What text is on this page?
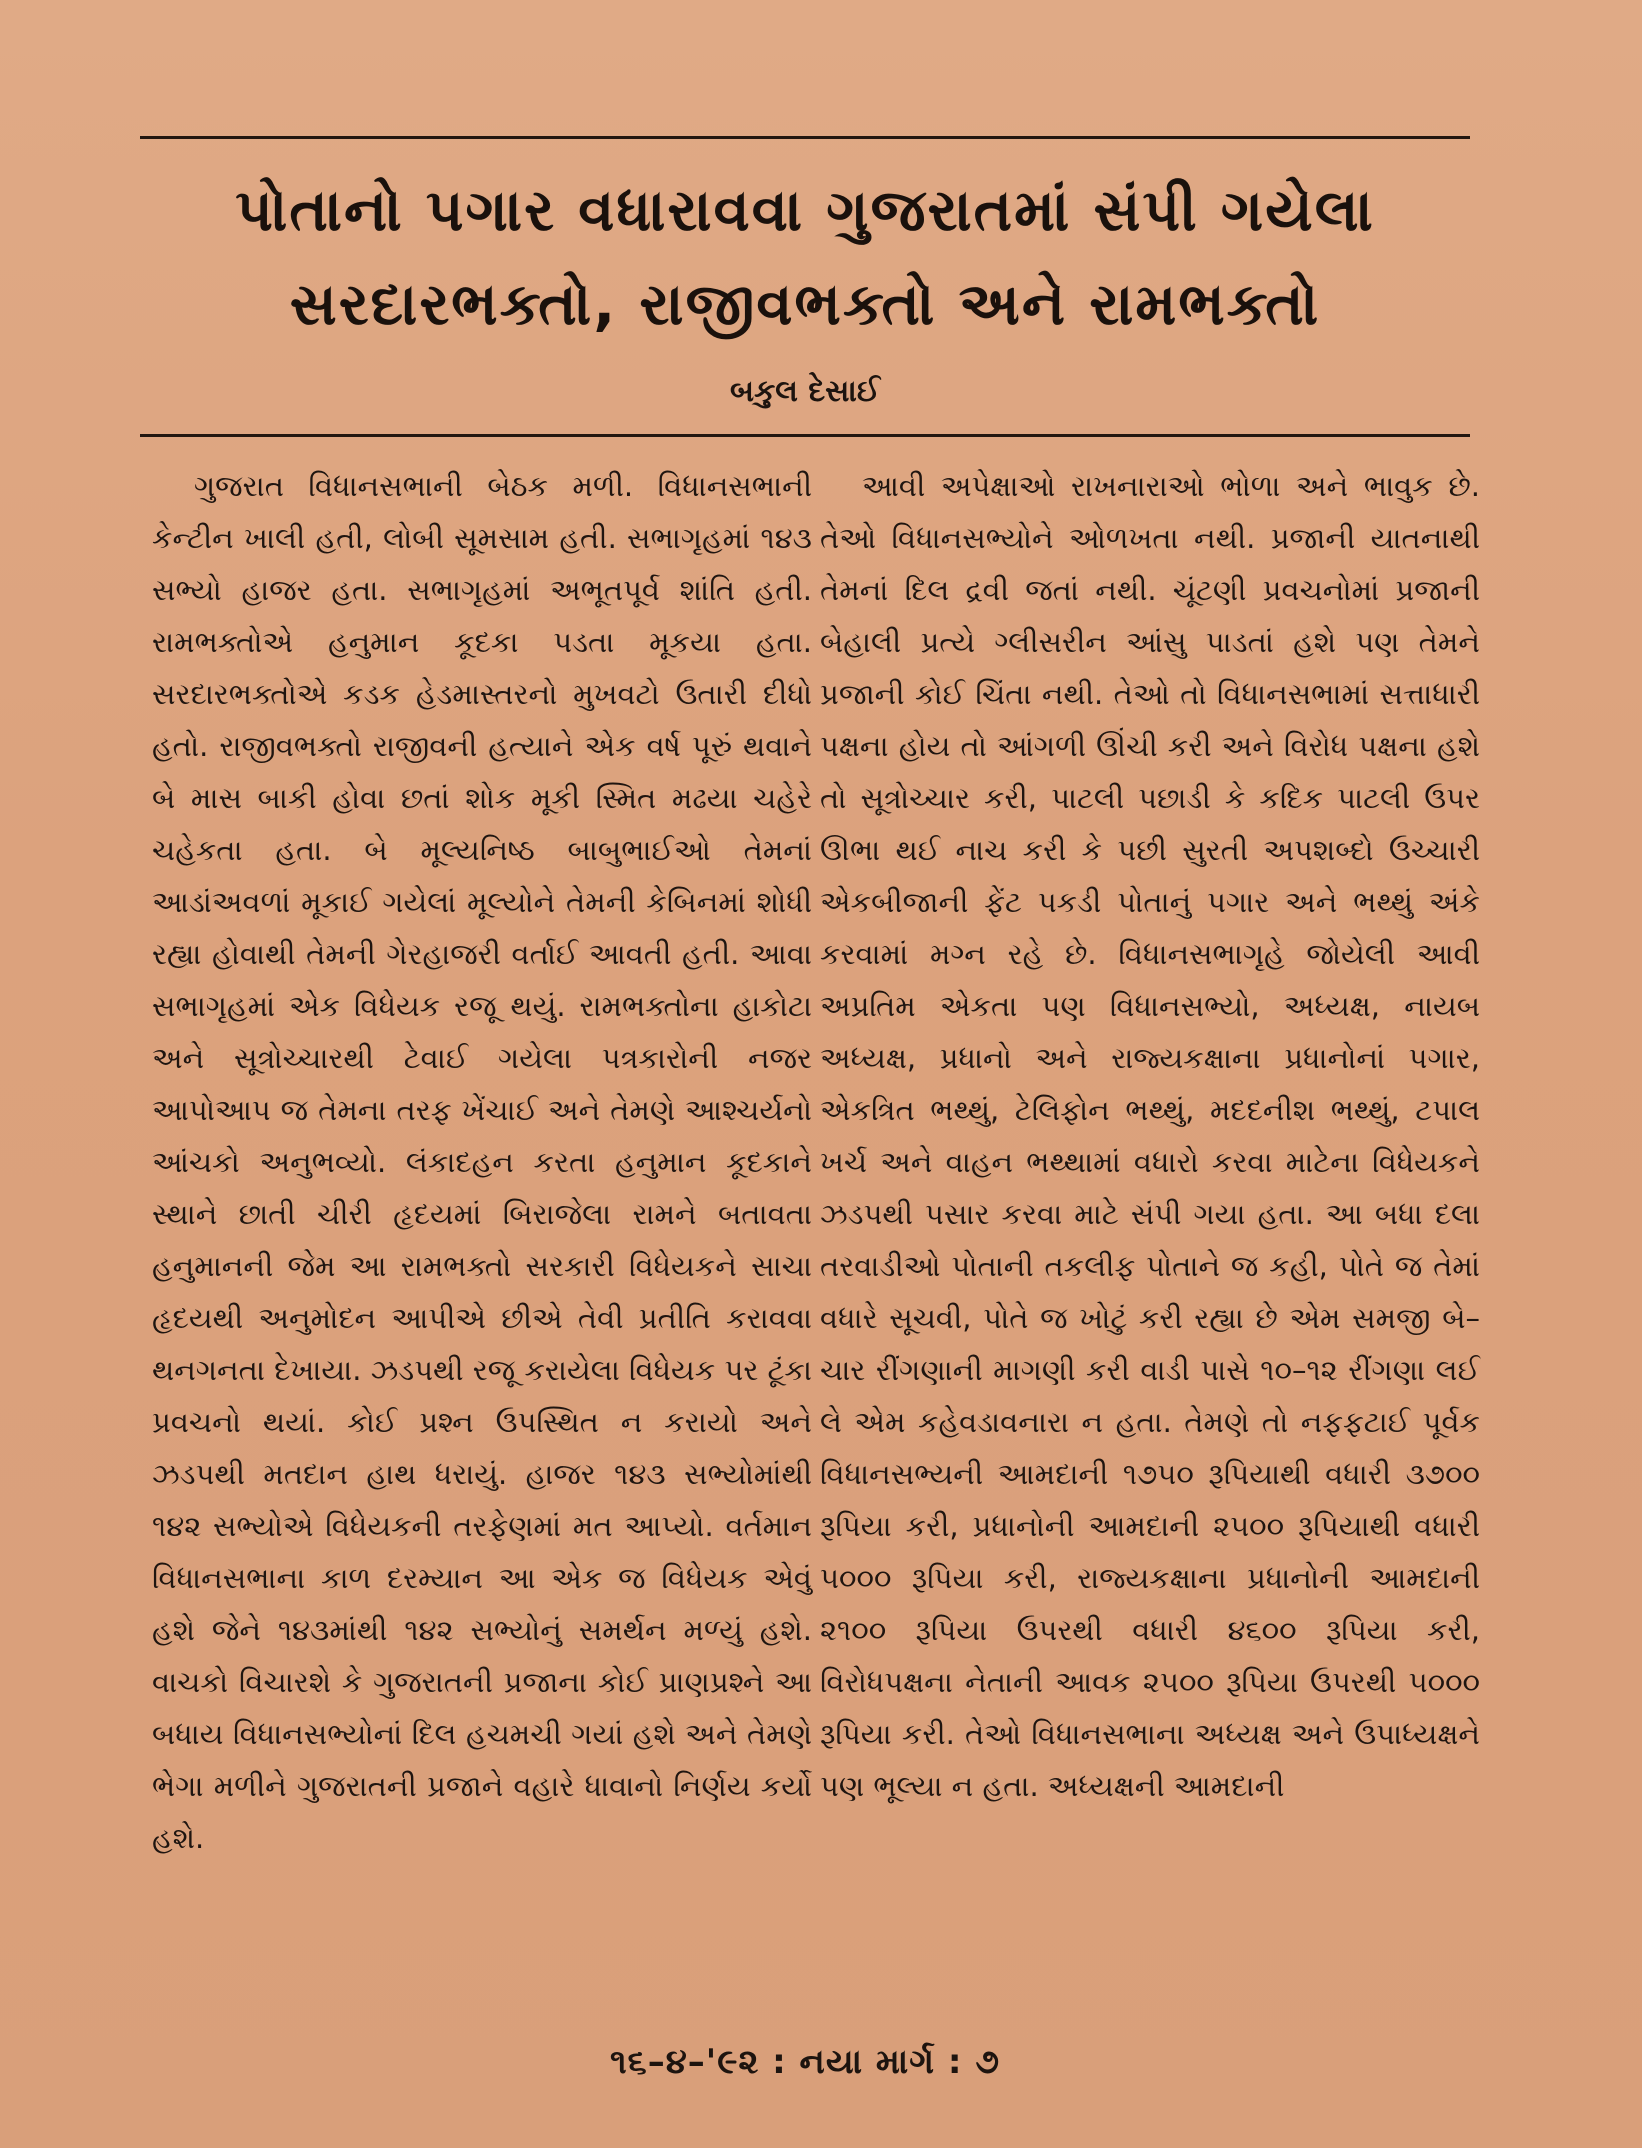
પોતાનો પગાર વધારાવવા ગુજરાતમાં સંપી ગયેલા
સરદારભક્તો, રાજીવભક્તો અને રામભક્તો
બકુલ દેસાઈ
ગુજરાત વિધાનસભાની બેઠક મળી. વિધાનસભાની કેન્ટીન ખાલી હતી, લોબી સૂમસામ હતી. સભાગૃહમાં ૧૪૩ સભ્યો હાજર હતા. સભાગૃહમાં અભૂતપૂર્વ શાંતિ હતી. રામભક્તોએ હનુમાન કૂદકા પડતા મૂકયા હતા. સરદારભક્તોએ કડક હેડમાસ્તરનો મુખવટો ઉતારી દીધો હતો. રાજીવભક્તો રાજીવની હત્યાને એક વર્ષ પૂરું થવાને બે માસ બાકી હોવા છતાં શોક મૂકી સ્મિત મઢયા ચહેરે ચહેકતા હતા. બે મૂલ્યનિષ્ઠ બાબુભાઈઓ તેમનાં આડાંઅવળાં મૂકાઈ ગયેલાં મૂલ્યોને તેમની કેબિનમાં શોધી રહ્યા હોવાથી તેમની ગેરહાજરી વર્તાઈ આવતી હતી. આવા સભાગૃહમાં એક વિધેયક રજૂ થયું. રામભક્તોના હાકોટા અને સૂત્રોચ્ચારથી ટેવાઈ ગયેલા પત્રકારોની નજર આપોઆપ જ તેમના તરફ ખેંચાઈ અને તેમણે આશ્ચર્યનો આંચકો અનુભવ્યો. લંકાદહન કરતા હનુમાન કૂદકાને સ્થાને છાતી ચીરી હૃદયમાં બિરાજેલા રામને બતાવતા હનુમાનની જેમ આ રામભક્તો સરકારી વિધેયકને સાચા હૃદયથી અનુમોદન આપીએ છીએ તેવી પ્રતીતિ કરાવવા થનગનતા દેખાયા. ઝડપથી રજૂ કરાયેલા વિધેયક પર ટૂંકા પ્રવચનો થયાં. કોઈ પ્રશ્ન ઉપસ્થિત ન કરાયો અને ઝડપથી મતદાન હાથ ધરાયું. હાજર ૧૪૩ સભ્યોમાંથી ૧૪૨ સભ્યોએ વિધેયકની તરફેણમાં મત આપ્યો. વર્તમાન વિધાનસભાના કાળ દરમ્યાન આ એક જ વિધેયક એવું હશે જેને ૧૪૩માંથી ૧૪૨ સભ્યોનું સમર્થન મળ્યું હશે. વાચકો વિચારશે કે ગુજરાતની પ્રજાના કોઈ પ્રાણપ્રશ્ને આ બધાય વિધાનસભ્યોનાં દિલ હચમચી ગયાં હશે અને તેમણે ભેગા મળીને ગુજરાતની પ્રજાને વહારે ધાવાનો નિર્ણય કર્યો હશે.
આવી અપેક્ષાઓ રાખનારાઓ ભોળા અને ભાવુક છે. તેઓ વિધાનસભ્યોને ઓળખતા નથી. પ્રજાની યાતનાથી તેમનાં દિલ દ્રવી જતાં નથી. ચૂંટણી પ્રવચનોમાં પ્રજાની બેહાલી પ્રત્યે ગ્લીસરીન આંસુ પાડતાં હશે પણ તેમને પ્રજાની કોઈ ચિંતા નથી. તેઓ તો વિધાનસભામાં સત્તાધારી પક્ષના હોય તો આંગળી ઊંચી કરી અને વિરોધ પક્ષના હશે તો સૂત્રોચ્ચાર કરી, પાટલી પછાડી કે કદિક પાટલી ઉપર ઊભા થઈ નાચ કરી કે પછી સુરતી અપશબ્દો ઉચ્ચારી એકબીજાની ફેંટ પકડી પોતાનું પગાર અને ભથ્થું અંકે કરવામાં મગ્ન રહે છે. વિધાનસભાગૃહે જોયેલી આવી અપ્રતિમ એકતા પણ વિધાનસભ્યો, અધ્યક્ષ, નાયબ અધ્યક્ષ, પ્રધાનો અને રાજ્યકક્ષાના પ્રધાનોનાં પગાર, એકત્રિત ભથ્થું, ટેલિફોન ભથ્થું, મદદનીશ ભથ્થું, ટપાલ ખર્ચ અને વાહન ભથ્થામાં વધારો કરવા માટેના વિધેયકને ઝડપથી પસાર કરવા માટે સંપી ગયા હતા. આ બધા દલા તરવાડીઓ પોતાની તકલીફ પોતાને જ કહી, પોતે જ તેમાં વધારે સૂચવી, પોતે જ ખોટું કરી રહ્યા છે એમ સમજી બે–ચાર રીંગણાની માગણી કરી વાડી પાસે ૧૦–૧૨ રીંગણા લઈ લે એમ કહેવડાવનારા ન હતા. તેમણે તો નફફટાઈ પૂર્વક વિધાનસભ્યની આમદાની ૧૭૫૦ રૂપિયાથી વધારી ૩૭૦૦ રૂપિયા કરી, પ્રધાનોની આમદાની ૨૫૦૦ રૂપિયાથી વધારી ૫૦૦૦ રૂપિયા કરી, રાજ્યકક્ષાના પ્રધાનોની આમદાની ૨૧૦૦ રૂપિયા ઉપરથી વધારી ૪૬૦૦ રૂપિયા કરી, વિરોધપક્ષના નેતાની આવક ૨૫૦૦ રૂપિયા ઉપરથી ૫૦૦૦ રૂપિયા કરી. તેઓ વિધાનસભાના અધ્યક્ષ અને ઉપાધ્યક્ષને પણ ભૂલ્યા ન હતા. અધ્યક્ષની આમદાની
૧૬–૪–'૯૨ : નયા માર્ગ : ૭
